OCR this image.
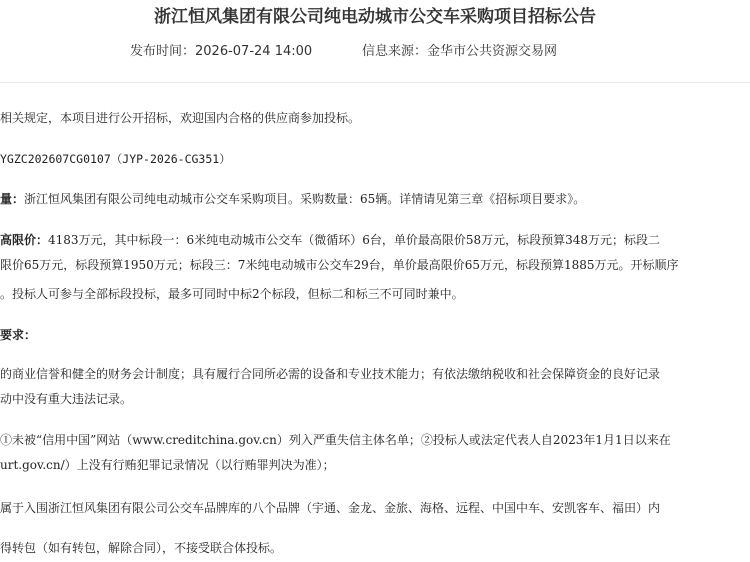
浙江恒风集团有限公司纯电动城市公交车采购项目招标公告
发布时间：2026-07-24 14:00	信息来源：金华市公共资源交易网
相关规定，本项目进行公开招标，欢迎国内合格的供应商参加投标。
YGZC202607CG0107（JYP-2026-CG351）
量：浙江恒风集团有限公司纯电动城市公交车采购项目。采购数量：65辆。详情请见第三章《招标项目要求》。
高限价：4183万元，其中标段一：6米纯电动城市公交车（微循环）6台，单价最高限价58万元，标段预算348万元；标段二
限价65万元，标段预算1950万元；标段三：7米纯电动城市公交车29台，单价最高限价65万元，标段预算1885万元。开标顺序
。投标人可参与全部标段投标，最多可同时中标2个标段，但标二和标三不可同时兼中。
要求：
的商业信誉和健全的财务会计制度；具有履行合同所必需的设备和专业技术能力；有依法缴纳税收和社会保障资金的良好记录
动中没有重大违法记录。
①未被“信用中国”网站（www.creditchina.gov.cn）列入严重失信主体名单；②投标人或法定代表人自2023年1月1日以来在
urt.gov.cn/）上没有行贿犯罪记录情况（以行贿罪判决为准）；
属于入围浙江恒风集团有限公司公交车品牌库的八个品牌（宇通、金龙、金旅、海格、远程、中国中车、安凯客车、福田）内
得转包（如有转包，解除合同），不接受联合体投标。
